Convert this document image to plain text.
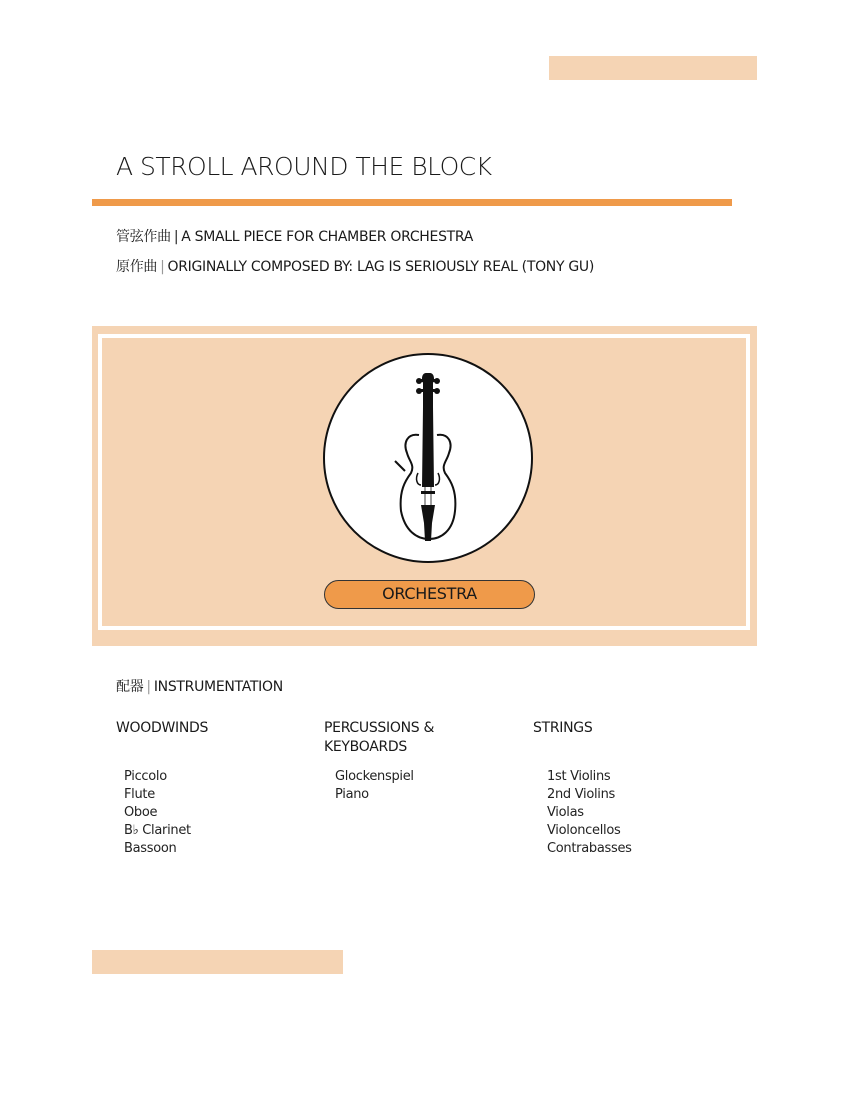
A STROLL AROUND THE BLOCK
管弦作曲 | A SMALL PIECE FOR CHAMBER ORCHESTRA
原作曲 | ORIGINALLY COMPOSED BY: LAG IS SERIOUSLY REAL (TONY GU)
ORCHESTRA
配器 | INSTRUMENTATION
WOODWINDS
Piccolo
Flute
Oboe
B♭ Clarinet
Bassoon
PERCUSSIONS & KEYBOARDS
Glockenspiel
Piano
STRINGS
1st Violins
2nd Violins
Violas
Violoncellos
Contrabasses
